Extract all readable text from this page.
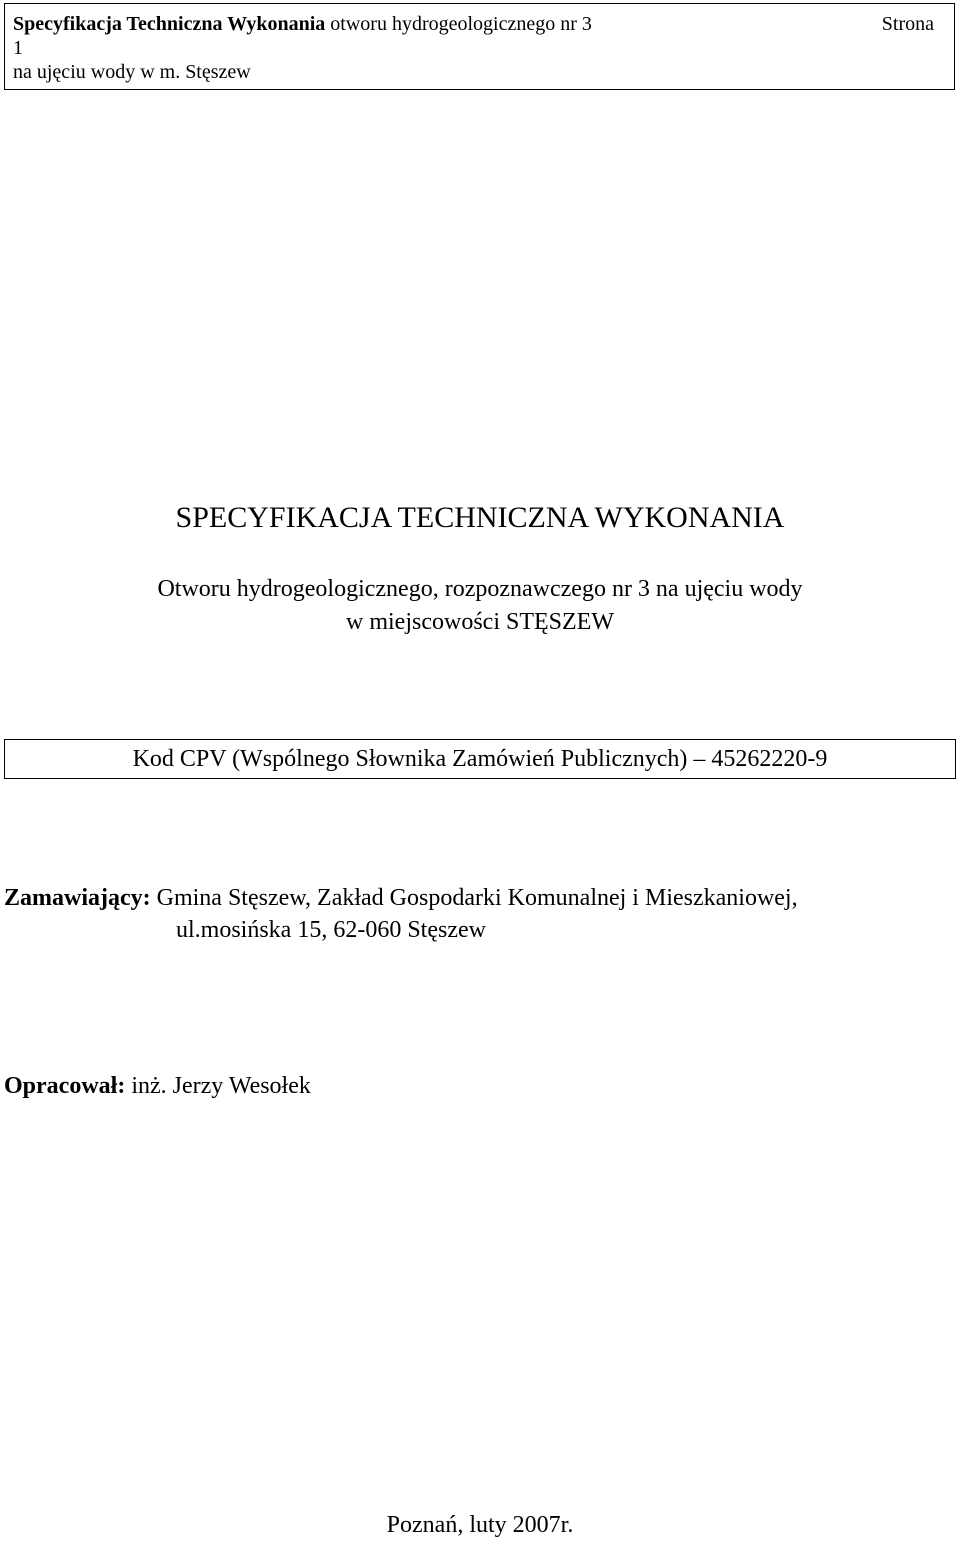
Specyfikacja Techniczna Wykonania otworu hydrogeologicznego nr 3	Strona
1
na ujęciu wody w m. Stęszew
SPECYFIKACJA TECHNICZNA WYKONANIA
Otworu hydrogeologicznego, rozpoznawczego nr 3 na ujęciu wody
w miejscowości STĘSZEW
Kod CPV (Wspólnego Słownika Zamówień Publicznych) – 45262220-9
Zamawiający: Gmina Stęszew, Zakład Gospodarki Komunalnej i Mieszkaniowej,
ul.mosińska 15, 62-060 Stęszew
Opracował: inż. Jerzy Wesołek
Poznań, luty 2007r.
